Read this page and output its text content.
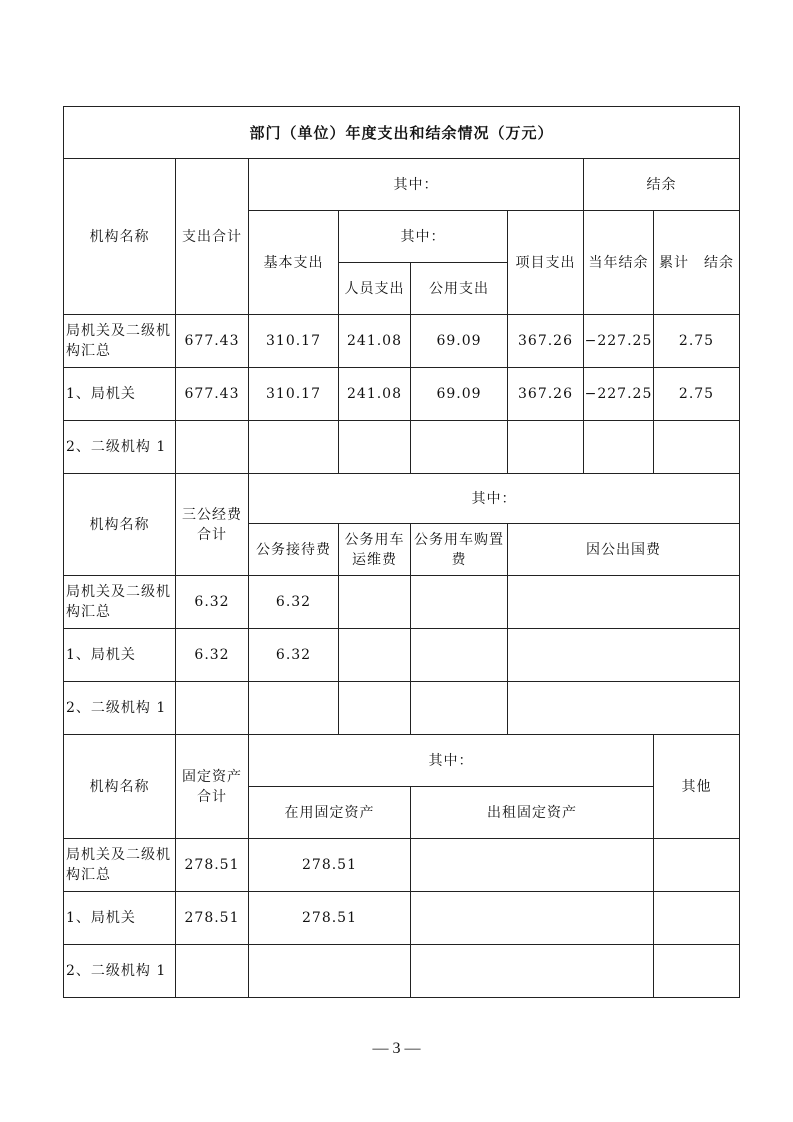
部门（单位）年度支出和结余情况（万元）							
机构名称	支出合计	其中：				结余	
		基本支出	其中：		项目支出	当年结余	累计　结余
			人员支出	公用支出			
局机关及二级机构汇总	677.43	310.17	241.08	69.09	367.26	−227.25	2.75
1、局机关	677.43	310.17	241.08	69.09	367.26	−227.25	2.75
2、二级机构 1							
机构名称	三公经费合计	其中：					
		公务接待费	公务用车运维费	公务用车购置费	因公出国费		
局机关及二级机构汇总	6.32	6.32					
1、局机关	6.32	6.32					
2、二级机构 1							
机构名称	固定资产合计	其中：					其他
		在用固定资产		出租固定资产			
局机关及二级机构汇总	278.51	278.51					
1、局机关	278.51	278.51					
2、二级机构 1							
— 3 —
